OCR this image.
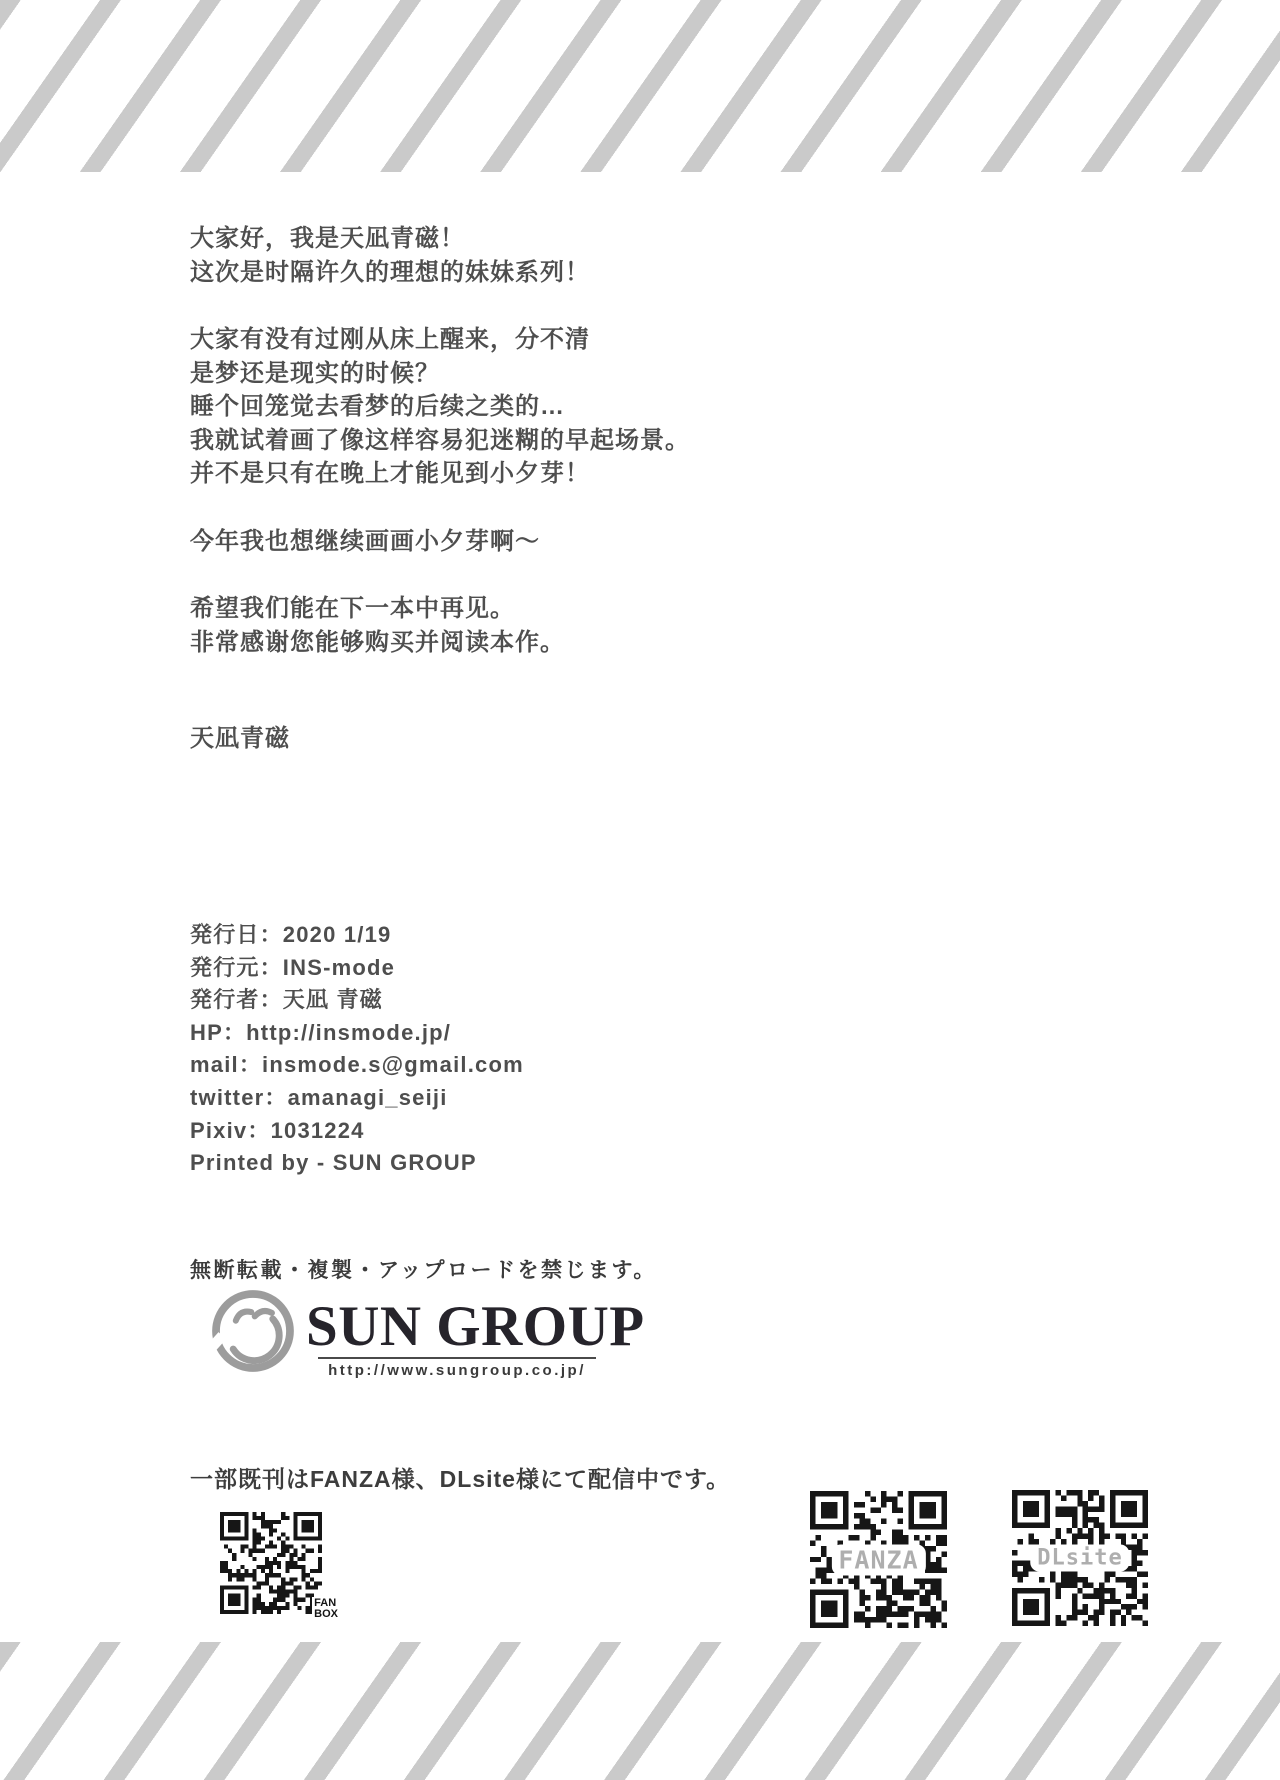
大家好，我是天凪青磁！
这次是时隔许久的理想的妹妹系列！

大家有没有过刚从床上醒来，分不清
是梦还是现实的时候？
睡个回笼觉去看梦的后续之类的…
我就试着画了像这样容易犯迷糊的早起场景。
并不是只有在晚上才能见到小夕芽！

今年我也想继续画画小夕芽啊～

希望我们能在下一本中再见。
非常感谢您能够购买并阅读本作。

天凪青磁

発行日：2020 1/19
発行元：INS-mode
発行者：天凪 青磁
HP：http://insmode.jp/
mail：insmode.s@gmail.com
twitter：amanagi_seiji
Pixiv：1031224
Printed by - SUN GROUP
無断転載・複製・アップロードを禁じます。
SUN GROUP
http://www.sungroup.co.jp/
一部既刊はFANZA様、DLsite様にて配信中です。
FAN
BOX
FANZA	DLsite
